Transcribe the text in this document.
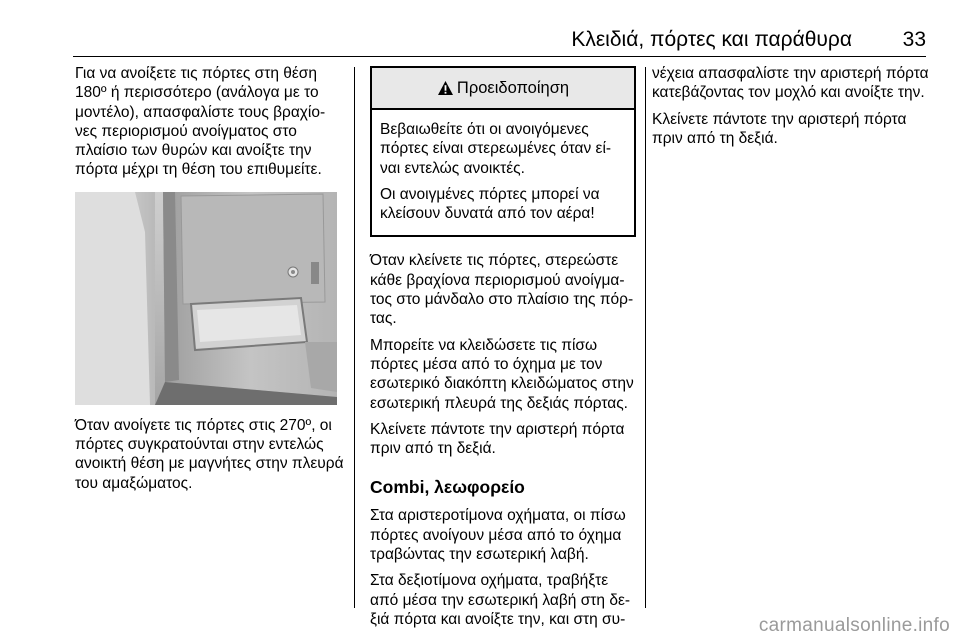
Κλειδιά, πόρτες και παράθυρα 33

Για να ανοίξετε τις πόρτες στη θέση 180º ή περισσότερο (ανάλογα με το μοντέλο), απασφαλίστε τους βραχίο‑ νες περιορισμού ανοίγματος στο πλαίσιο των θυρών και ανοίξτε την πόρτα μέχρι τη θέση του επιθυμείτε.

Όταν ανοίγετε τις πόρτες στις 270º, οι πόρτες συγκρατούνται στην εντελώς ανοικτή θέση με μαγνήτες στην πλευρά του αμαξώματος.

Προειδοποίηση

Βεβαιωθείτε ότι οι ανοιγόμενες πόρτες είναι στερεωμένες όταν εί‑ ναι εντελώς ανοικτές.

Οι ανοιγμένες πόρτες μπορεί να κλείσουν δυνατά από τον αέρα!

Όταν κλείνετε τις πόρτες, στερεώστε κάθε βραχίονα περιορισμού ανοίγμα‑ τος στο μάνδαλο στο πλαίσιο της πόρ‑ τας.

Μπορείτε να κλειδώσετε τις πίσω πόρτες μέσα από το όχημα με τον εσωτερικό διακόπτη κλειδώματος στην εσωτερική πλευρά της δεξιάς πόρτας.

Κλείνετε πάντοτε την αριστερή πόρτα πριν από τη δεξιά.

Combi, λεωφορείο

Στα αριστεροτίμονα οχήματα, οι πίσω πόρτες ανοίγουν μέσα από το όχημα τραβώντας την εσωτερική λαβή.

Στα δεξιοτίμονα οχήματα, τραβήξτε από μέσα την εσωτερική λαβή στη δε‑ ξιά πόρτα και ανοίξτε την, και στη συ‑

νέχεια απασφαλίστε την αριστερή πόρτα κατεβάζοντας τον μοχλό και ανοίξτε την.

Κλείνετε πάντοτε την αριστερή πόρτα πριν από τη δεξιά.

carmanualsonline.info
